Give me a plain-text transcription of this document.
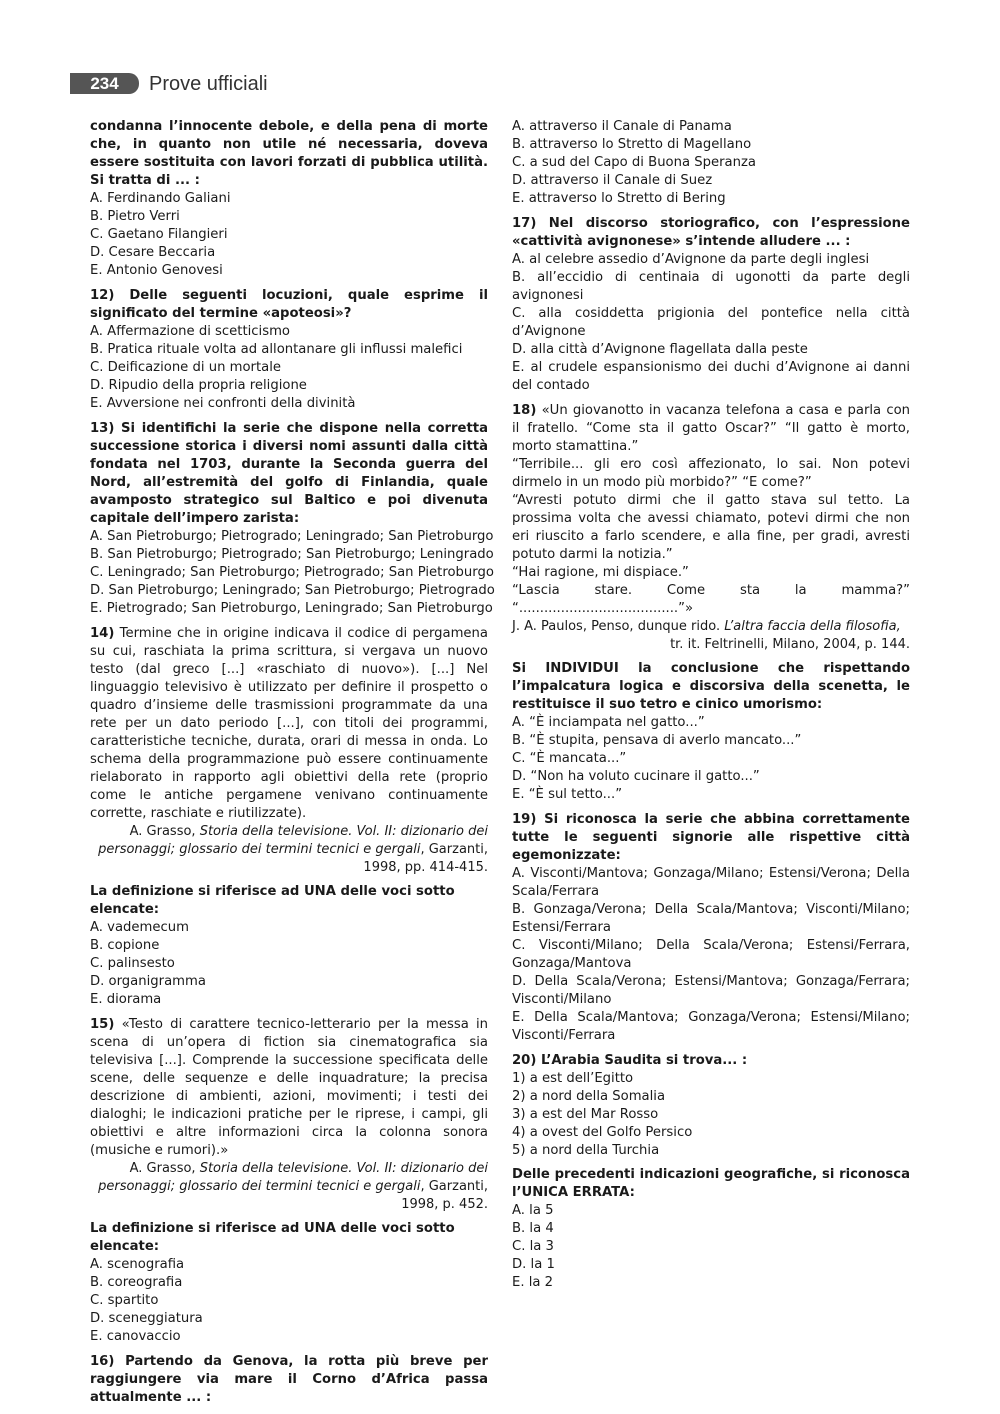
234	Prove ufficiali
condanna l’innocente debole, e della pena di morte che, in quanto non utile né necessaria, doveva essere sostituita con lavori forzati di pubblica utilità. Si tratta di ... :
A. Ferdinando Galiani
B. Pietro Verri
C. Gaetano Filangieri
D. Cesare Beccaria
E. Antonio Genovesi
12) Delle seguenti locuzioni, quale esprime il significato del termine «apoteosi»?
A. Affermazione di scetticismo
B. Pratica rituale volta ad allontanare gli influssi malefici
C. Deificazione di un mortale
D. Ripudio della propria religione
E. Avversione nei confronti della divinità
13) Si identifichi la serie che dispone nella corretta successione storica i diversi nomi assunti dalla città fondata nel 1703, durante la Seconda guerra del Nord, all’estremità del golfo di Finlandia, quale avamposto strategico sul Baltico e poi divenuta capitale dell’impero zarista:
A. San Pietroburgo; Pietrogrado; Leningrado; San Pietroburgo
B. San Pietroburgo; Pietrogrado; San Pietroburgo; Leningrado
C. Leningrado; San Pietroburgo; Pietrogrado; San Pietroburgo
D. San Pietroburgo; Leningrado; San Pietroburgo; Pietrogrado
E. Pietrogrado; San Pietroburgo, Leningrado; San Pietroburgo
14) Termine che in origine indicava il codice di pergamena su cui, raschiata la prima scrittura, si vergava un nuovo testo (dal greco [...] «raschiato di nuovo»). [...] Nel linguaggio televisivo è utilizzato per definire il prospetto o quadro d’insieme delle trasmissioni programmate da una rete per un dato periodo [...], con titoli dei programmi, caratteristiche tecniche, durata, orari di messa in onda. Lo schema della programmazione può essere continuamente rielaborato in rapporto agli obiettivi della rete (proprio come le antiche pergamene venivano continuamente corrette, raschiate e riutilizzate).
A. Grasso, Storia della televisione. Vol. II: dizionario dei personaggi; glossario dei termini tecnici e gergali, Garzanti, 1998, pp. 414-415.
La definizione si riferisce ad UNA delle voci sotto elencate:
A. vademecum
B. copione
C. palinsesto
D. organigramma
E. diorama
15) «Testo di carattere tecnico-letterario per la messa in scena di un’opera di fiction sia cinematografica sia televisiva [...]. Comprende la successione specificata delle scene, delle sequenze e delle inquadrature; la precisa descrizione di ambienti, azioni, movimenti; i testi dei dialoghi; le indicazioni pratiche per le riprese, i campi, gli obiettivi e altre informazioni circa la colonna sonora (musiche e rumori).»
A. Grasso, Storia della televisione. Vol. II: dizionario dei personaggi; glossario dei termini tecnici e gergali, Garzanti, 1998, p. 452.
La definizione si riferisce ad UNA delle voci sotto elencate:
A. scenografia
B. coreografia
C. spartito
D. sceneggiatura
E. canovaccio
16) Partendo da Genova, la rotta più breve per raggiungere via mare il Corno d’Africa passa attualmente ... :
A. attraverso il Canale di Panama
B. attraverso lo Stretto di Magellano
C. a sud del Capo di Buona Speranza
D. attraverso il Canale di Suez
E. attraverso lo Stretto di Bering
17) Nel discorso storiografico, con l’espressione «cattività avignonese» s’intende alludere ... :
A. al celebre assedio d’Avignone da parte degli inglesi
B. all’eccidio di centinaia di ugonotti da parte degli avignonesi
C. alla cosiddetta prigionia del pontefice nella città d’Avignone
D. alla città d’Avignone flagellata dalla peste
E. al crudele espansionismo dei duchi d’Avignone ai danni del contado
18) «Un giovanotto in vacanza telefona a casa e parla con il fratello. “Come sta il gatto Oscar?” “Il gatto è morto, morto stamattina.”
“Terribile... gli ero così affezionato, lo sai. Non potevi dirmelo in un modo più morbido?” “E come?”
“Avresti potuto dirmi che il gatto stava sul tetto. La prossima volta che avessi chiamato, potevi dirmi che non eri riuscito a farlo scendere, e alla fine, per gradi, avresti potuto darmi la notizia.”
“Hai ragione, mi dispiace.”
“Lascia stare. Come sta la mamma?” “......................................”»
J. A. Paulos, Penso, dunque rido. L’altra faccia della filosofia,
tr. it. Feltrinelli, Milano, 2004, p. 144.
Si INDIVIDUI la conclusione che rispettando l’impalcatura logica e discorsiva della scenetta, le restituisce il suo tetro e cinico umorismo:
A. “È inciampata nel gatto...”
B. “È stupita, pensava di averlo mancato...”
C. “È mancata...”
D. “Non ha voluto cucinare il gatto...”
E. “È sul tetto...”
19) Si riconosca la serie che abbina correttamente tutte le seguenti signorie alle rispettive città egemonizzate:
A. Visconti/Mantova; Gonzaga/Milano; Estensi/Verona; Della Scala/Ferrara
B. Gonzaga/Verona; Della Scala/Mantova; Visconti/Milano; Estensi/Ferrara
C. Visconti/Milano; Della Scala/Verona; Estensi/Ferrara, Gonzaga/Mantova
D. Della Scala/Verona; Estensi/Mantova; Gonzaga/Ferrara; Visconti/Milano
E. Della Scala/Mantova; Gonzaga/Verona; Estensi/Milano; Visconti/Ferrara
20) L’Arabia Saudita si trova... :
1) a est dell’Egitto
2) a nord della Somalia
3) a est del Mar Rosso
4) a ovest del Golfo Persico
5) a nord della Turchia
Delle precedenti indicazioni geografiche, si riconosca l’UNICA ERRATA:
A. la 5
B. la 4
C. la 3
D. la 1
E. la 2
